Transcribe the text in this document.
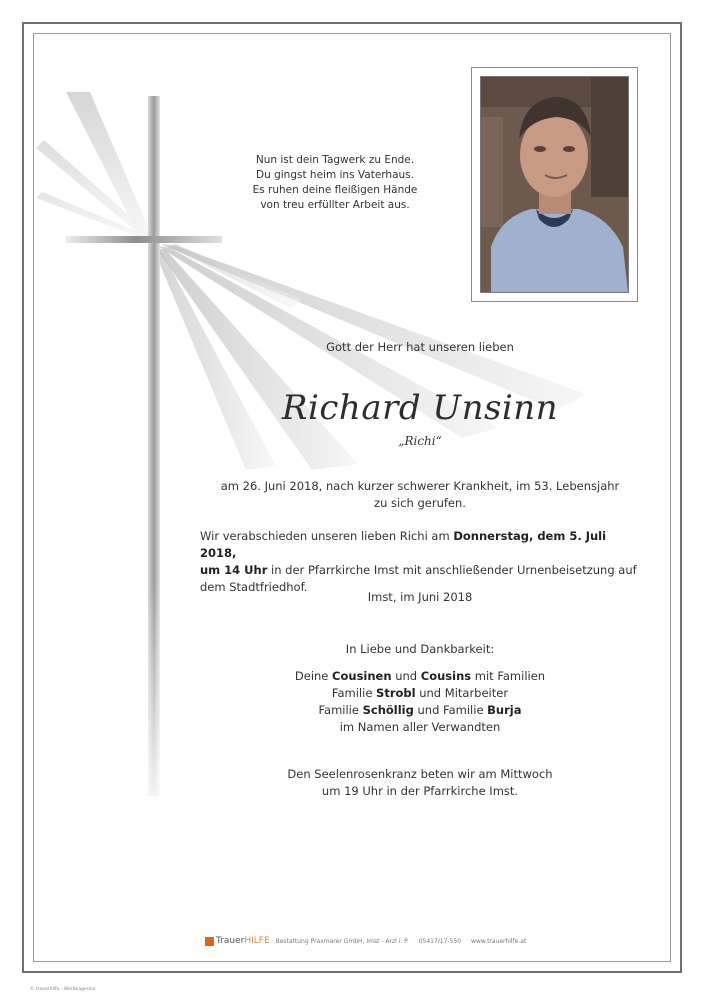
Nun ist dein Tagwerk zu Ende.
Du gingst heim ins Vaterhaus.
Es ruhen deine fleißigen Hände
von treu erfüllter Arbeit aus.
Gott der Herr hat unseren lieben
Richard Unsinn
„Richi“
am 26. Juni 2018, nach kurzer schwerer Krankheit, im 53. Lebensjahr
zu sich gerufen.
Wir verabschieden unseren lieben Richi am Donnerstag, dem 5. Juli 2018,
um 14 Uhr in der Pfarrkirche Imst mit anschließender Urnenbeisetzung auf dem Stadtfriedhof.
Imst, im Juni 2018
In Liebe und Dankbarkeit:
Deine Cousinen und Cousins mit Familien
Familie Strobl und Mitarbeiter
Familie Schöllig und Familie Burja
im Namen aller Verwandten
Den Seelenrosenkranz beten wir am Mittwoch
um 19 Uhr in der Pfarrkirche Imst.
TrauerHILFE Bestattung Praxmarer GmbH, Imst - Arzl i. P. 05417/17-550 www.trauerhilfe.at
© trauerhilfe - Werbeagentur
